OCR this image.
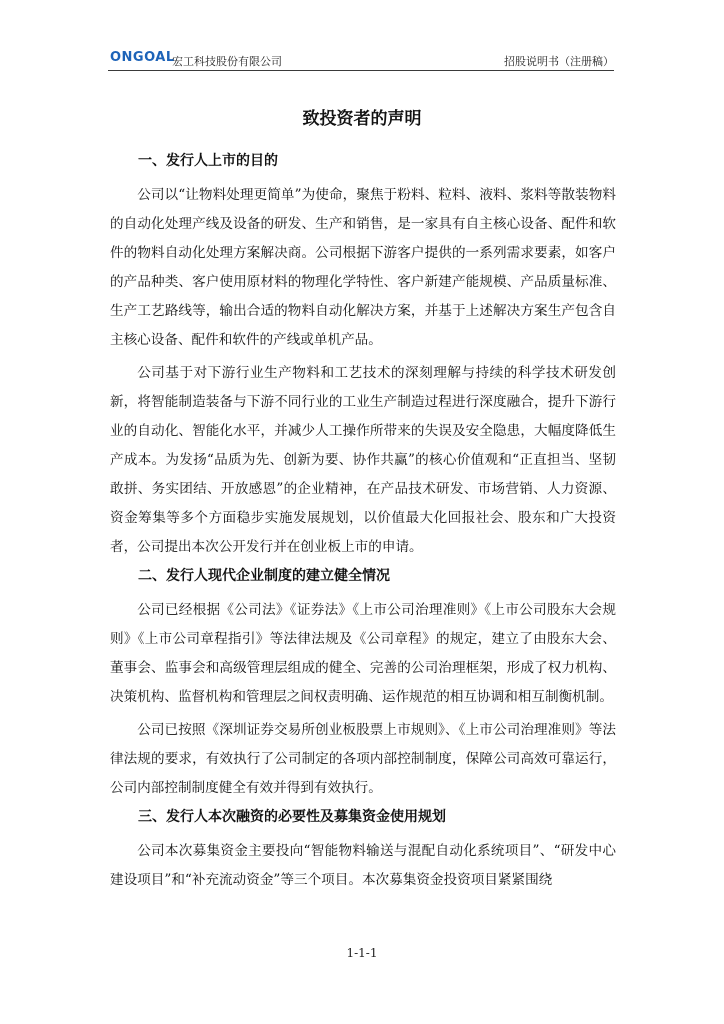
ONGOAL
宏工科技股份有限公司	招股说明书（注册稿）
致投资者的声明
一、发行人上市的目的

公司以“让物料处理更简单”为使命，聚焦于粉料、粒料、液料、浆料等散装物料的自动化处理产线及设备的研发、生产和销售，是一家具有自主核心设备、配件和软件的物料自动化处理方案解决商。公司根据下游客户提供的一系列需求要素，如客户的产品种类、客户使用原材料的物理化学特性、客户新建产能规模、产品质量标准、生产工艺路线等，输出合适的物料自动化解决方案，并基于上述解决方案生产包含自主核心设备、配件和软件的产线或单机产品。

公司基于对下游行业生产物料和工艺技术的深刻理解与持续的科学技术研发创新，将智能制造装备与下游不同行业的工业生产制造过程进行深度融合，提升下游行业的自动化、智能化水平，并减少人工操作所带来的失误及安全隐患，大幅度降低生产成本。为发扬“品质为先、创新为要、协作共赢”的核心价值观和“正直担当、坚韧敢拼、务实团结、开放感恩”的企业精神，在产品技术研发、市场营销、人力资源、资金筹集等多个方面稳步实施发展规划，以价值最大化回报社会、股东和广大投资者，公司提出本次公开发行并在创业板上市的申请。

二、发行人现代企业制度的建立健全情况

公司已经根据《公司法》《证券法》《上市公司治理准则》《上市公司股东大会规则》《上市公司章程指引》等法律法规及《公司章程》的规定，建立了由股东大会、董事会、监事会和高级管理层组成的健全、完善的公司治理框架，形成了权力机构、决策机构、监督机构和管理层之间权责明确、运作规范的相互协调和相互制衡机制。

公司已按照《深圳证券交易所创业板股票上市规则》、《上市公司治理准则》等法律法规的要求，有效执行了公司制定的各项内部控制制度，保障公司高效可靠运行，公司内部控制制度健全有效并得到有效执行。

三、发行人本次融资的必要性及募集资金使用规划

公司本次募集资金主要投向“智能物料输送与混配自动化系统项目”、“研发中心建设项目”和“补充流动资金”等三个项目。本次募集资金投资项目紧紧围绕

1-1-1
